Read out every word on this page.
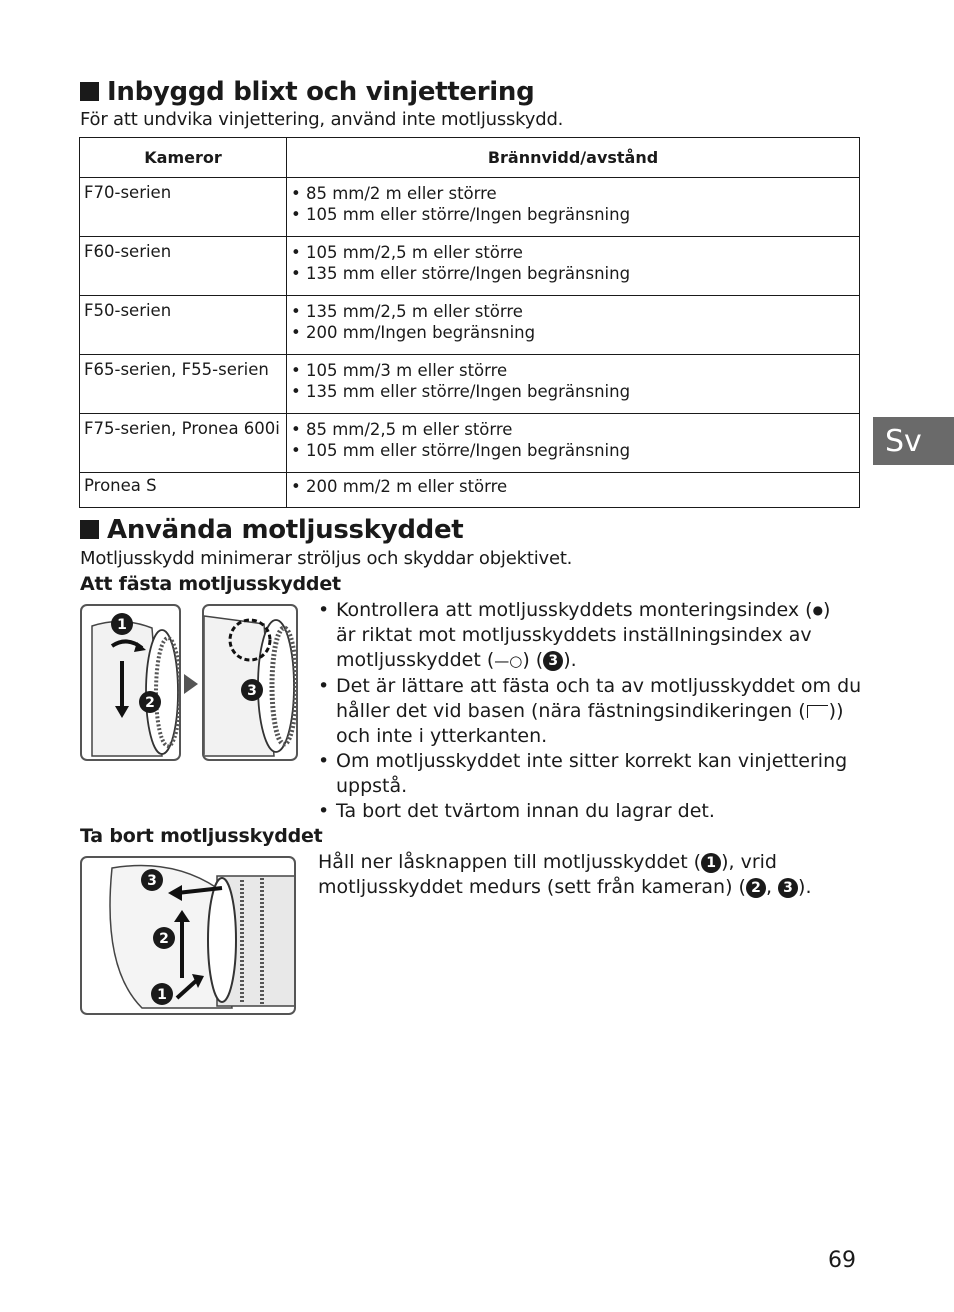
Inbyggd blixt och vinjettering
För att undvika vinjettering, använd inte motljusskydd.
Kameror	Brännvidd/avstånd
F70-serien	• 85 mm/2 m eller större
• 105 mm eller större/Ingen begränsning

F60-serien	• 105 mm/2,5 m eller större
• 135 mm eller större/Ingen begränsning

F50-serien	• 135 mm/2,5 m eller större
• 200 mm/Ingen begränsning

F65-serien, F55-serien	• 105 mm/3 m eller större
• 135 mm eller större/Ingen begränsning

F75-serien, Pronea 600i	• 85 mm/2,5 m eller större
• 105 mm eller större/Ingen begränsning

Pronea S	• 200 mm/2 m eller större
Sv
Använda motljusskyddet
Motljusskydd minimerar ströljus och skyddar objektivet.
Att fästa motljusskyddet
1
2
3
• Kontrollera att motljusskyddets monteringsindex (●)
är riktat mot motljusskyddets inställningsindex av
motljusskyddet (—○) ( 3 ).
• Det är lättare att fästa och ta av motljusskyddet om du
håller det vid basen (nära fästningsindikeringen ( ))
och inte i ytterkanten.
• Om motljusskyddet inte sitter korrekt kan vinjettering
uppstå.
• Ta bort det tvärtom innan du lagrar det.
Ta bort motljusskyddet
3
2
1
Håll ner låsknappen till motljusskyddet ( 1 ), vrid
motljusskyddet medurs (sett från kameran) ( 2 , 3 ).
69
